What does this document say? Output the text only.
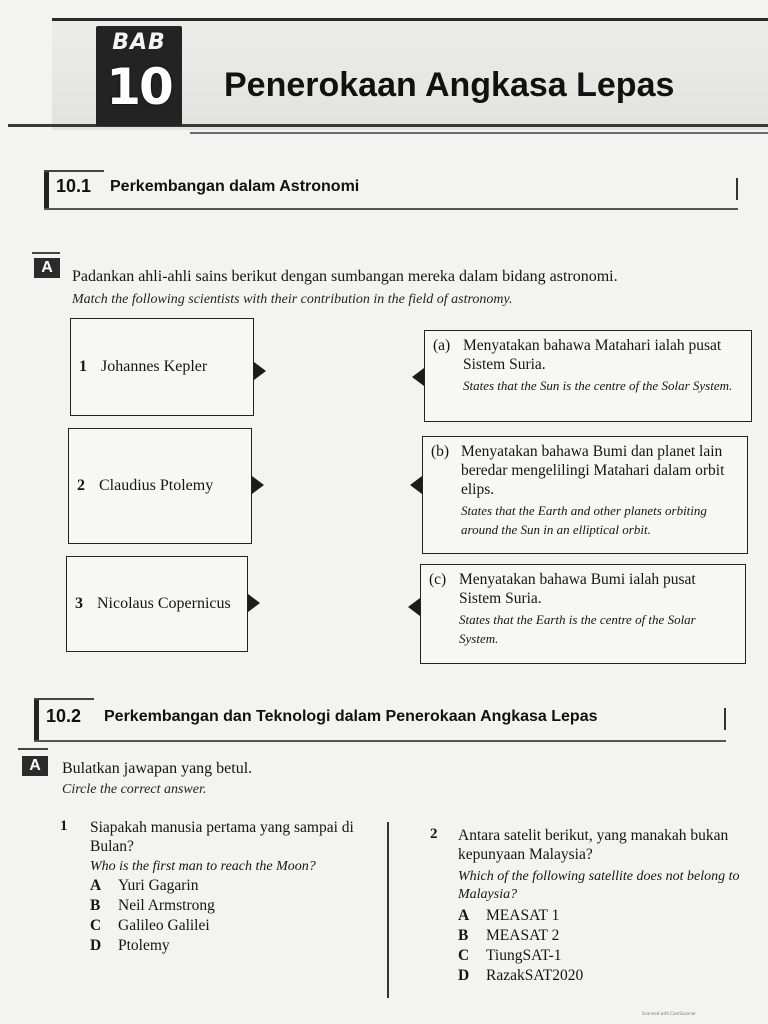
BAB
10	Penerokaan Angkasa Lepas
10.1 Perkembangan dalam Astronomi
A
Padankan ahli-ahli sains berikut dengan sumbangan mereka dalam bidang astronomi.
Match the following scientists with their contribution in the field of astronomy.
1 Johannes Kepler
2 Claudius Ptolemy
3 Nicolaus Copernicus
(a) Menyatakan bahawa Matahari ialah pusat Sistem Suria.
States that the Sun is the centre of the Solar System.
(b) Menyatakan bahawa Bumi dan planet lain beredar mengelilingi Matahari dalam orbit elips.
States that the Earth and other planets orbiting around the Sun in an elliptical orbit.
(c) Menyatakan bahawa Bumi ialah pusat Sistem Suria.
States that the Earth is the centre of the Solar System.
10.2 Perkembangan dan Teknologi dalam Penerokaan Angkasa Lepas
A	Bulatkan jawapan yang betul.
Circle the correct answer.
1 Siapakah manusia pertama yang sampai di Bulan?
Who is the first man to reach the Moon?
A	Yuri Gagarin
B	Neil Armstrong
C	Galileo Galilei
D	Ptolemy
2 Antara satelit berikut, yang manakah bukan kepunyaan Malaysia?
Which of the following satellite does not belong to Malaysia?
A	MEASAT 1
B	MEASAT 2
C	TiungSAT-1
D	RazakSAT2020
Scanned with CamScanner
